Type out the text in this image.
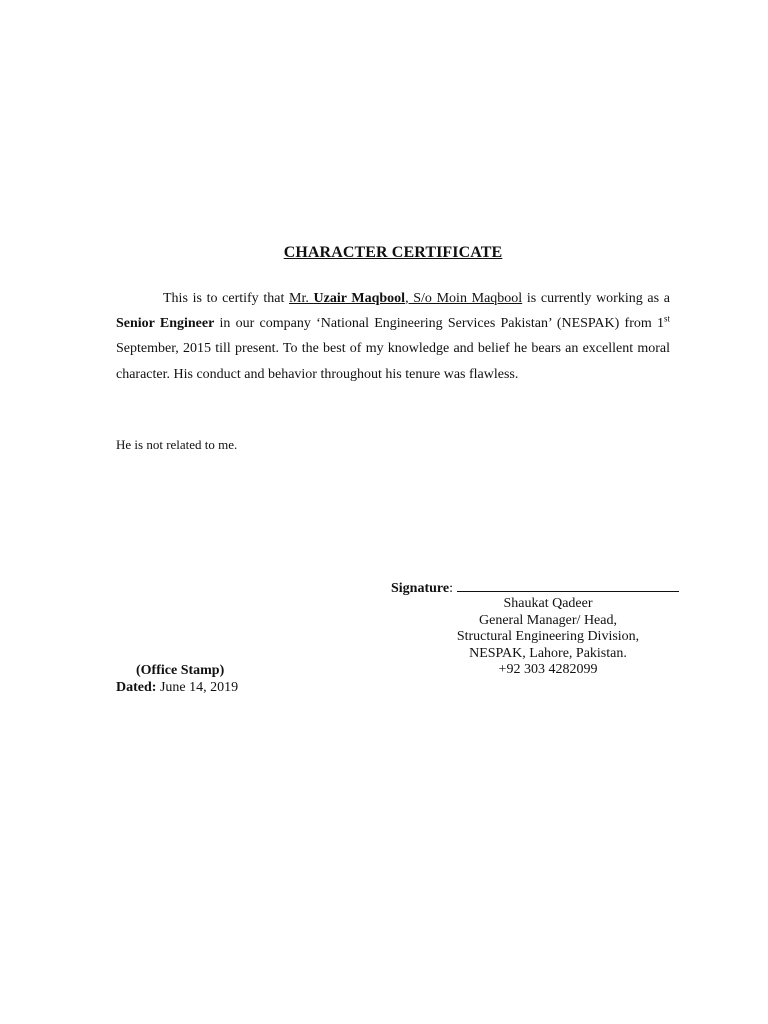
CHARACTER CERTIFICATE
This is to certify that Mr. Uzair Maqbool, S/o Moin Maqbool is currently working as a Senior Engineer in our company ‘National Engineering Services Pakistan’ (NESPAK) from 1st September, 2015 till present. To the best of my knowledge and belief he bears an excellent moral character. His conduct and behavior throughout his tenure was flawless.
He is not related to me.
Signature:
Shaukat Qadeer
General Manager/ Head,
Structural Engineering Division,
NESPAK, Lahore, Pakistan.
+92 303 4282099
(Office Stamp)
Dated: June 14, 2019
